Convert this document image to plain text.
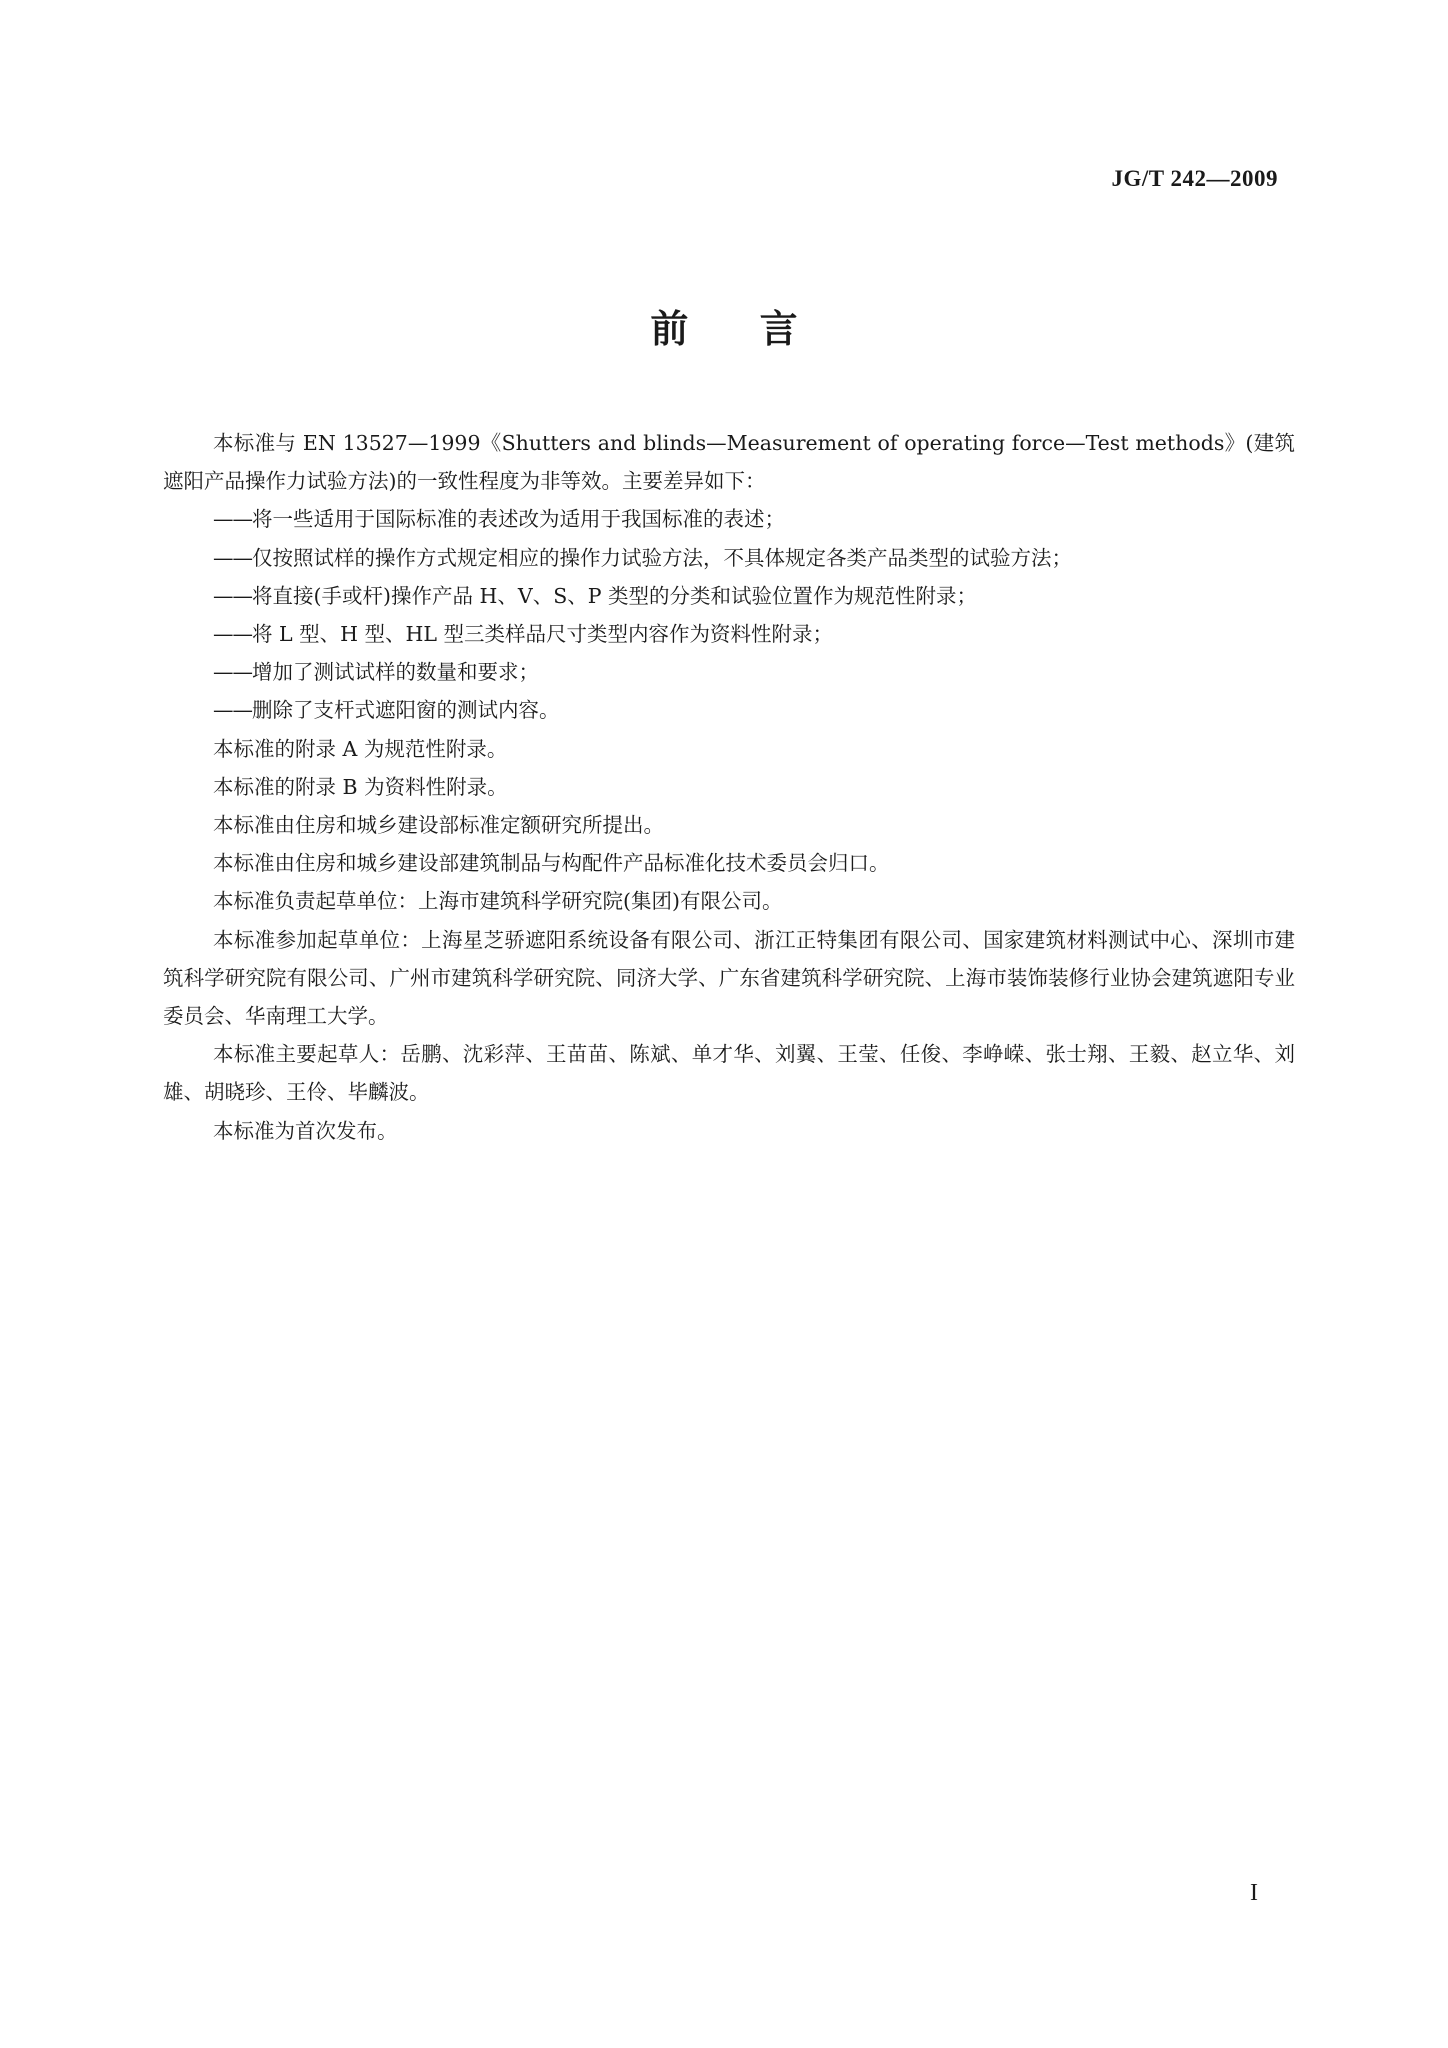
JG/T 242—2009
前 言

本标准与 EN 13527—1999《Shutters and blinds—Measurement of operating force—Test methods》(建筑遮阳产品操作力试验方法)的一致性程度为非等效。主要差异如下：

——将一些适用于国际标准的表述改为适用于我国标准的表述；

——仅按照试样的操作方式规定相应的操作力试验方法，不具体规定各类产品类型的试验方法；

——将直接(手或杆)操作产品 H、V、S、P 类型的分类和试验位置作为规范性附录；

——将 L 型、H 型、HL 型三类样品尺寸类型内容作为资料性附录；

——增加了测试试样的数量和要求；

——删除了支杆式遮阳窗的测试内容。

本标准的附录 A 为规范性附录。

本标准的附录 B 为资料性附录。

本标准由住房和城乡建设部标准定额研究所提出。

本标准由住房和城乡建设部建筑制品与构配件产品标准化技术委员会归口。

本标准负责起草单位：上海市建筑科学研究院(集团)有限公司。

本标准参加起草单位：上海星芝骄遮阳系统设备有限公司、浙江正特集团有限公司、国家建筑材料测试中心、深圳市建筑科学研究院有限公司、广州市建筑科学研究院、同济大学、广东省建筑科学研究院、上海市装饰装修行业协会建筑遮阳专业委员会、华南理工大学。

本标准主要起草人：岳鹏、沈彩萍、王苗苗、陈斌、单才华、刘翼、王莹、任俊、李峥嵘、张士翔、王毅、赵立华、刘雄、胡晓珍、王伶、毕麟波。

本标准为首次发布。

I
